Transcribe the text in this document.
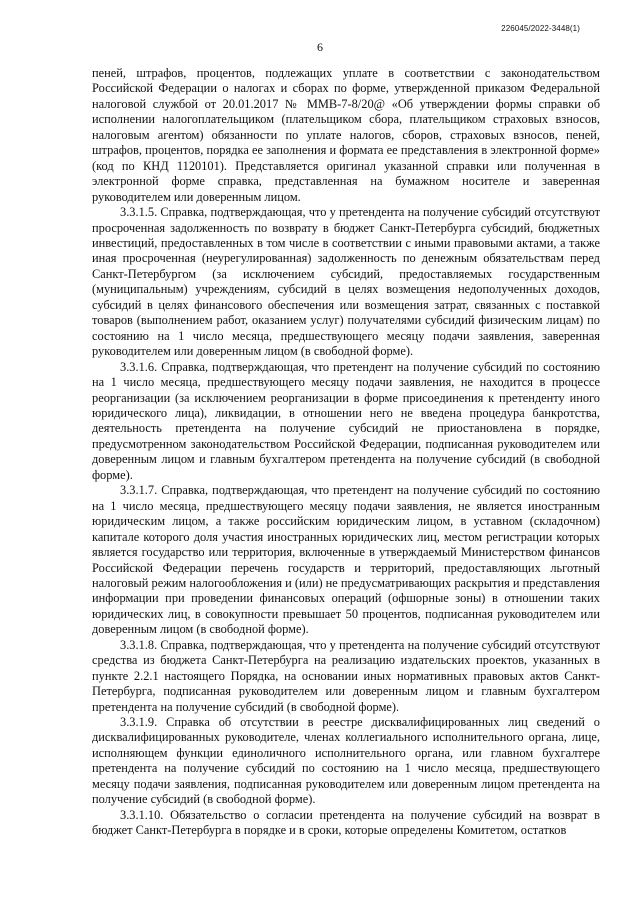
226045/2022-3448(1)
6

пеней, штрафов, процентов, подлежащих уплате в соответствии с законодательством Российской Федерации о налогах и сборах по форме, утвержденной приказом Федеральной налоговой службой от 20.01.2017 № ММВ-7-8/20@ «Об утверждении формы справки об исполнении налогоплательщиком (плательщиком сбора, плательщиком страховых взносов, налоговым агентом) обязанности по уплате налогов, сборов, страховых взносов, пеней, штрафов, процентов, порядка ее заполнения и формата ее представления в электронной форме» (код по КНД 1120101). Представляется оригинал указанной справки или полученная в электронной форме справка, представленная на бумажном носителе и заверенная руководителем или доверенным лицом.

3.3.1.5. Справка, подтверждающая, что у претендента на получение субсидий отсутствуют просроченная задолженность по возврату в бюджет Санкт-Петербурга субсидий, бюджетных инвестиций, предоставленных в том числе в соответствии с иными правовыми актами, а также иная просроченная (неурегулированная) задолженность по денежным обязательствам перед Санкт-Петербургом (за исключением субсидий, предоставляемых государственным (муниципальным) учреждениям, субсидий в целях возмещения недополученных доходов, субсидий в целях финансового обеспечения или возмещения затрат, связанных с поставкой товаров (выполнением работ, оказанием услуг) получателями субсидий физическим лицам) по состоянию на 1 число месяца, предшествующего месяцу подачи заявления, заверенная руководителем или доверенным лицом (в свободной форме).

3.3.1.6. Справка, подтверждающая, что претендент на получение субсидий по состоянию на 1 число месяца, предшествующего месяцу подачи заявления, не находится в процессе реорганизации (за исключением реорганизации в форме присоединения к претенденту иного юридического лица), ликвидации, в отношении него не введена процедура банкротства, деятельность претендента на получение субсидий не приостановлена в порядке, предусмотренном законодательством Российской Федерации, подписанная руководителем или доверенным лицом и главным бухгалтером претендента на получение субсидий (в свободной форме).

3.3.1.7. Справка, подтверждающая, что претендент на получение субсидий по состоянию на 1 число месяца, предшествующего месяцу подачи заявления, не является иностранным юридическим лицом, а также российским юридическим лицом, в уставном (складочном) капитале которого доля участия иностранных юридических лиц, местом регистрации которых является государство или территория, включенные в утверждаемый Министерством финансов Российской Федерации перечень государств и территорий, предоставляющих льготный налоговый режим налогообложения и (или) не предусматривающих раскрытия и представления информации при проведении финансовых операций (офшорные зоны) в отношении таких юридических лиц, в совокупности превышает 50 процентов, подписанная руководителем или доверенным лицом (в свободной форме).

3.3.1.8. Справка, подтверждающая, что у претендента на получение субсидий отсутствуют средства из бюджета Санкт-Петербурга на реализацию издательских проектов, указанных в пункте 2.2.1 настоящего Порядка, на основании иных нормативных правовых актов Санкт-Петербурга, подписанная руководителем или доверенным лицом и главным бухгалтером претендента на получение субсидий (в свободной форме).

3.3.1.9. Справка об отсутствии в реестре дисквалифицированных лиц сведений о дисквалифицированных руководителе, членах коллегиального исполнительного органа, лице, исполняющем функции единоличного исполнительного органа, или главном бухгалтере претендента на получение субсидий по состоянию на 1 число месяца, предшествующего месяцу подачи заявления, подписанная руководителем или доверенным лицом претендента на получение субсидий (в свободной форме).

3.3.1.10. Обязательство о согласии претендента на получение субсидий на возврат в бюджет Санкт-Петербурга в порядке и в сроки, которые определены Комитетом, остатков
